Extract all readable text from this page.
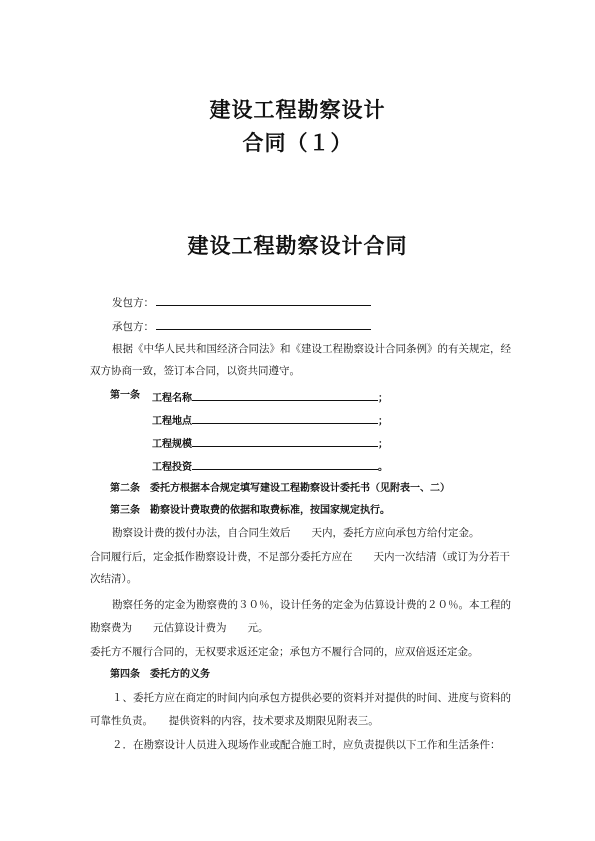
建设工程勘察设计
合同（１）
建设工程勘察设计合同
发包方：
承包方：
根据《中华人民共和国经济合同法》和《建设工程勘察设计合同条例》的有关规定，经
双方协商一致，签订本合同，以资共同遵守。
第一条	工程名称	；
工程地点	；
工程规模	；
工程投资	。
第二条　委托方根据本合规定填写建设工程勘察设计委托书（见附表一、二）
第三条　勘察设计费取费的依据和取费标准，按国家规定执行。
勘察设计费的拨付办法，自合同生效后　　天内，委托方应向承包方给付定金。
合同履行后，定金抵作勘察设计费，不足部分委托方应在　　天内一次结清（或订为分若干
次结清）。
勘察任务的定金为勘察费的３０％，设计任务的定金为估算设计费的２０％。本工程的
勘察费为　　元估算设计费为　　元。
委托方不履行合同的，无权要求返还定金；承包方不履行合同的，应双倍返还定金。
第四条　委托方的义务
１、委托方应在商定的时间内向承包方提供必要的资料并对提供的时间、进度与资料的
可靠性负责。　　提供资料的内容，技术要求及期限见附表三。
２．在勘察设计人员进入现场作业或配合施工时，应负责提供以下工作和生活条件：
